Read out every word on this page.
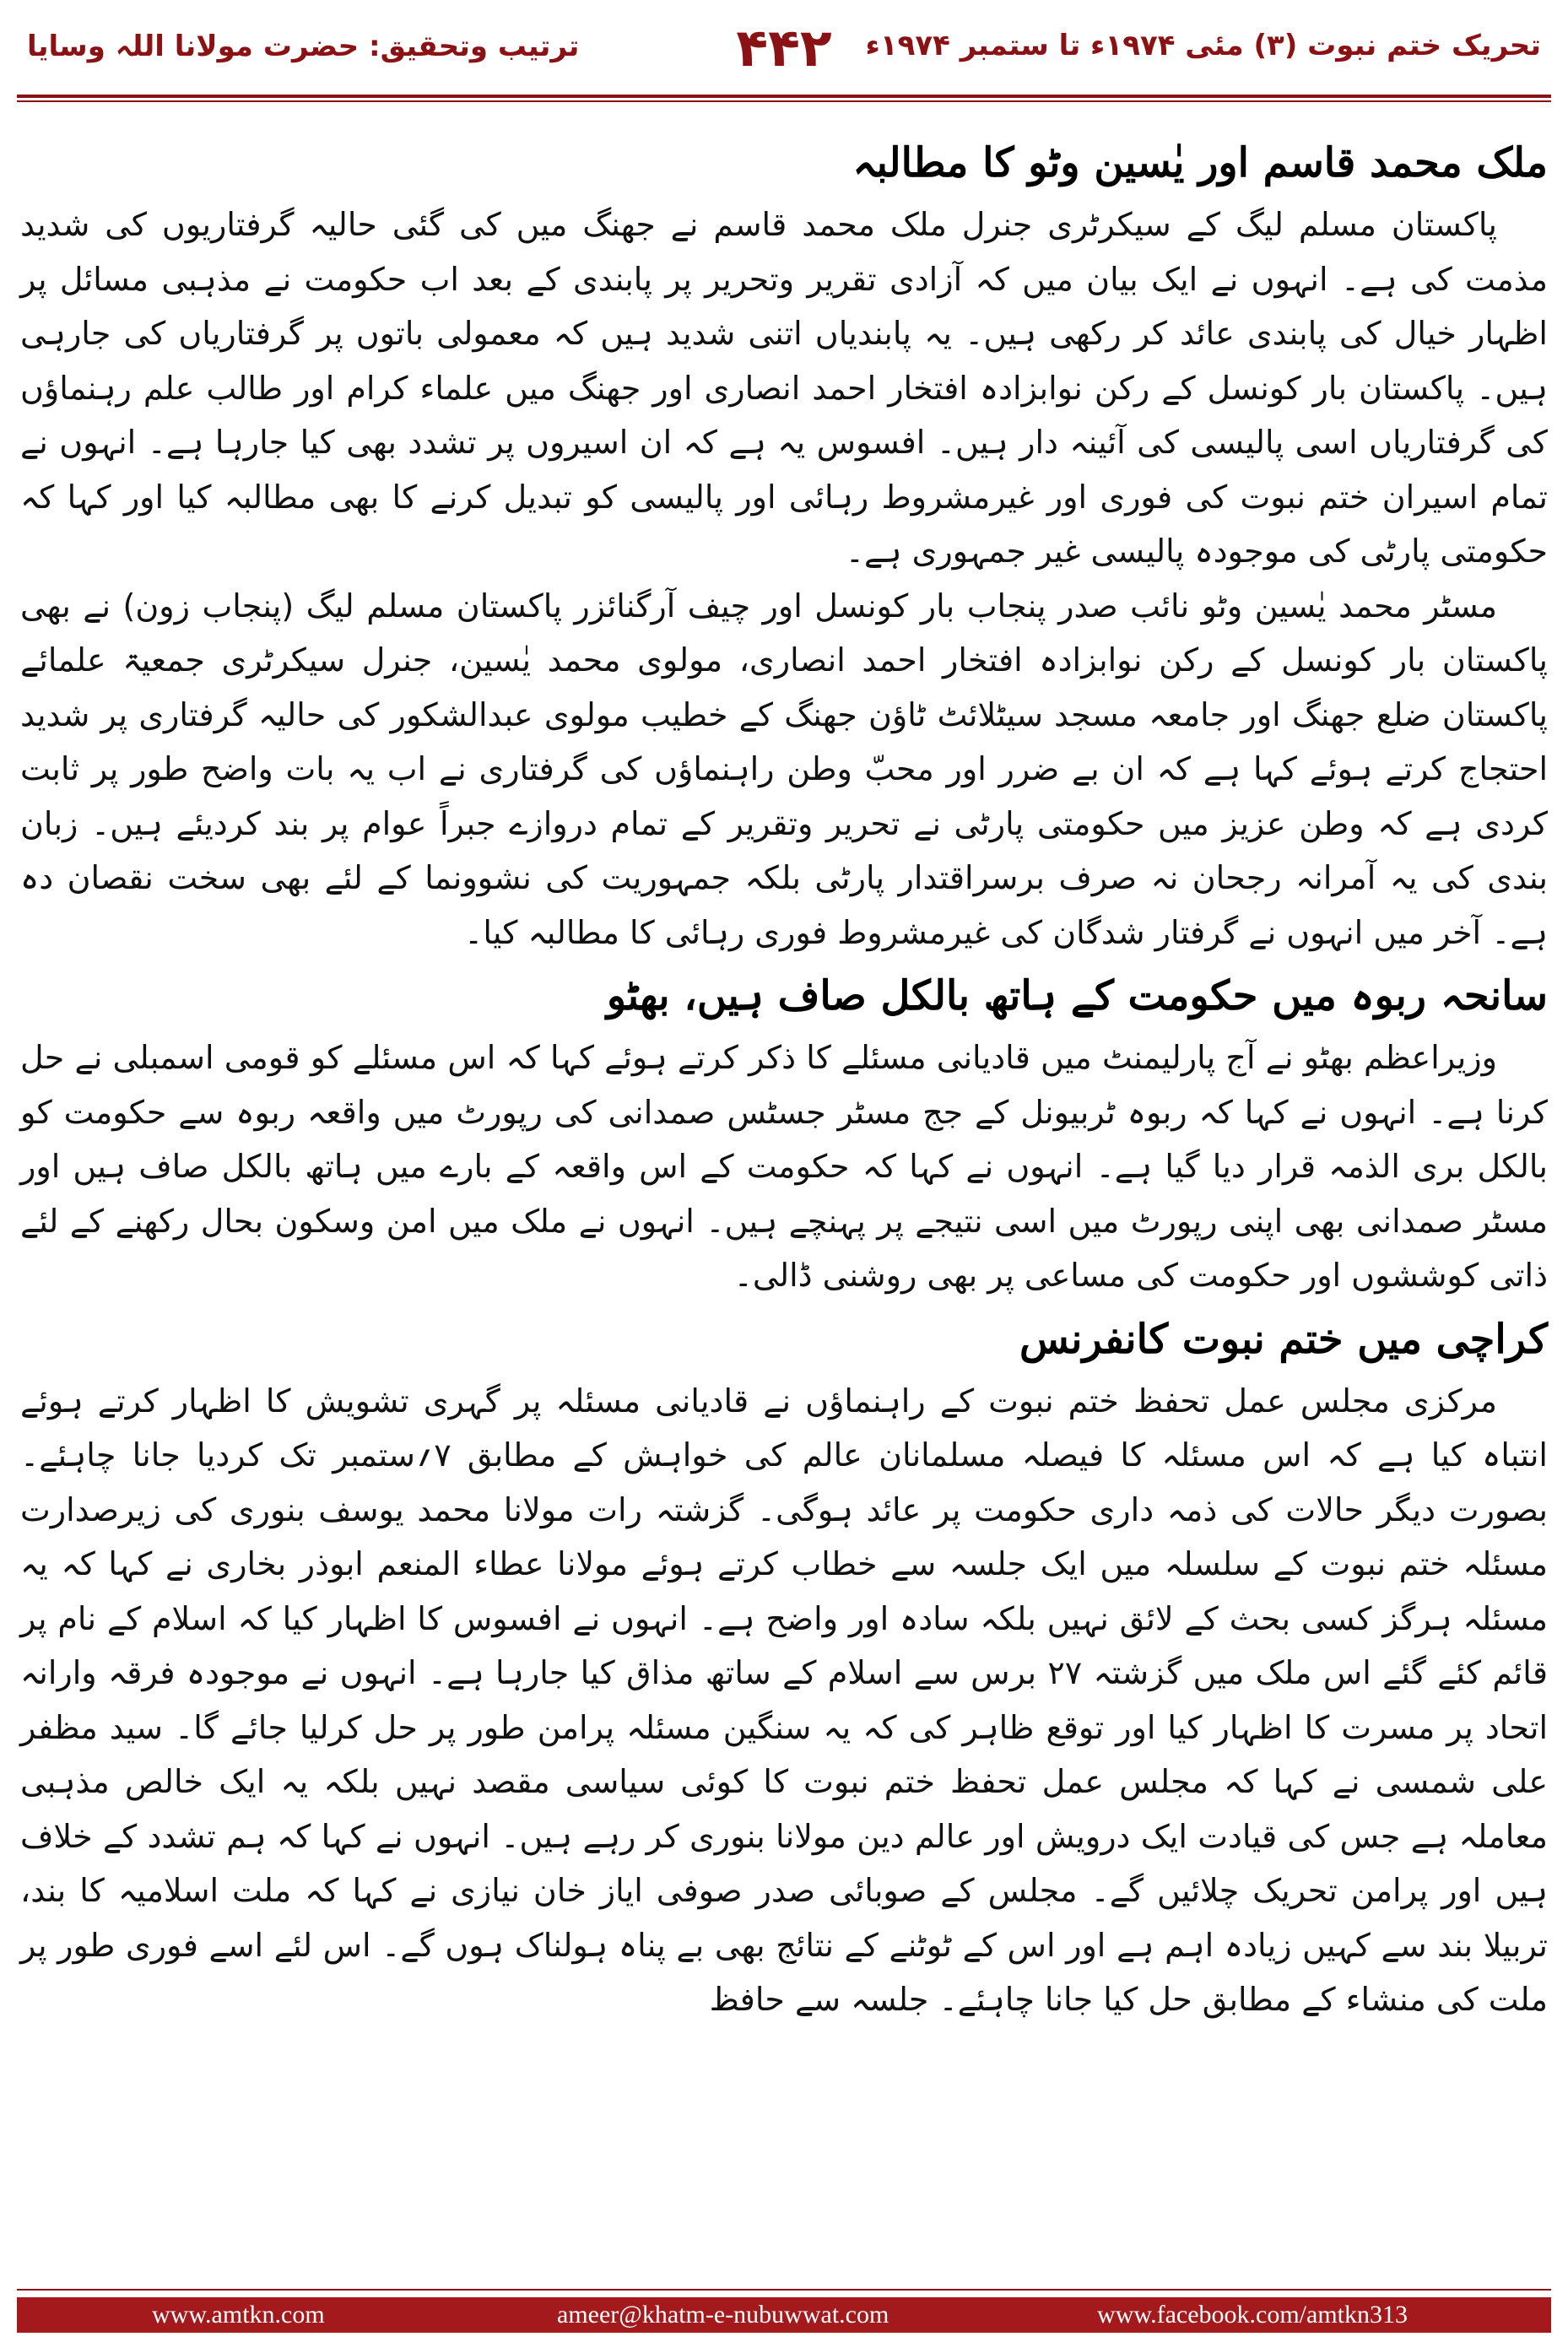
تحریک ختم نبوت (۳) مئی ۱۹۷۴ء تا ستمبر ۱۹۷۴ء
۴۴۲
ترتیب وتحقیق: حضرت مولانا اللہ وسایا
ملک محمد قاسم اور یٰسین وٹو کا مطالبہ

پاکستان مسلم لیگ کے سیکرٹری جنرل ملک محمد قاسم نے جھنگ میں کی گئی حالیہ گرفتاریوں کی شدید مذمت کی ہے۔ انہوں نے ایک بیان میں کہ آزادی تقریر وتحریر پر پابندی کے بعد اب حکومت نے مذہبی مسائل پر اظہار خیال کی پابندی عائد کر رکھی ہیں۔ یہ پابندیاں اتنی شدید ہیں کہ معمولی باتوں پر گرفتاریاں کی جارہی ہیں۔ پاکستان بار کونسل کے رکن نوابزادہ افتخار احمد انصاری اور جھنگ میں علماء کرام اور طالب علم رہنماؤں کی گرفتاریاں اسی پالیسی کی آئینہ دار ہیں۔ افسوس یہ ہے کہ ان اسیروں پر تشدد بھی کیا جارہا ہے۔ انہوں نے تمام اسیران ختم نبوت کی فوری اور غیرمشروط رہائی اور پالیسی کو تبدیل کرنے کا بھی مطالبہ کیا اور کہا کہ حکومتی پارٹی کی موجودہ پالیسی غیر جمہوری ہے۔

مسٹر محمد یٰسین وٹو نائب صدر پنجاب بار کونسل اور چیف آرگنائزر پاکستان مسلم لیگ (پنجاب زون) نے بھی پاکستان بار کونسل کے رکن نوابزادہ افتخار احمد انصاری، مولوی محمد یٰسین، جنرل سیکرٹری جمعیۃ علمائے پاکستان ضلع جھنگ اور جامعہ مسجد سیٹلائٹ ٹاؤن جھنگ کے خطیب مولوی عبدالشکور کی حالیہ گرفتاری پر شدید احتجاج کرتے ہوئے کہا ہے کہ ان بے ضرر اور محبّ وطن راہنماؤں کی گرفتاری نے اب یہ بات واضح طور پر ثابت کردی ہے کہ وطن عزیز میں حکومتی پارٹی نے تحریر وتقریر کے تمام دروازے جبراً عوام پر بند کردیئے ہیں۔ زبان بندی کی یہ آمرانہ رجحان نہ صرف برسراقتدار پارٹی بلکہ جمہوریت کی نشوونما کے لئے بھی سخت نقصان دہ ہے۔ آخر میں انہوں نے گرفتار شدگان کی غیرمشروط فوری رہائی کا مطالبہ کیا۔

سانحہ ربوہ میں حکومت کے ہاتھ بالکل صاف ہیں، بھٹو

وزیراعظم بھٹو نے آج پارلیمنٹ میں قادیانی مسئلے کا ذکر کرتے ہوئے کہا کہ اس مسئلے کو قومی اسمبلی نے حل کرنا ہے۔ انہوں نے کہا کہ ربوہ ٹربیونل کے جج مسٹر جسٹس صمدانی کی رپورٹ میں واقعہ ربوہ سے حکومت کو بالکل بری الذمہ قرار دیا گیا ہے۔ انہوں نے کہا کہ حکومت کے اس واقعہ کے بارے میں ہاتھ بالکل صاف ہیں اور مسٹر صمدانی بھی اپنی رپورٹ میں اسی نتیجے پر پہنچے ہیں۔ انہوں نے ملک میں امن وسکون بحال رکھنے کے لئے ذاتی کوششوں اور حکومت کی مساعی پر بھی روشنی ڈالی۔

کراچی میں ختم نبوت کانفرنس

مرکزی مجلس عمل تحفظ ختم نبوت کے راہنماؤں نے قادیانی مسئلہ پر گہری تشویش کا اظہار کرتے ہوئے انتباہ کیا ہے کہ اس مسئلہ کا فیصلہ مسلمانان عالم کی خواہش کے مطابق ۷؍ستمبر تک کردیا جانا چاہئے۔ بصورت دیگر حالات کی ذمہ داری حکومت پر عائد ہوگی۔ گزشتہ رات مولانا محمد یوسف بنوری کی زیرصدارت مسئلہ ختم نبوت کے سلسلہ میں ایک جلسہ سے خطاب کرتے ہوئے مولانا عطاء المنعم ابوذر بخاری نے کہا کہ یہ مسئلہ ہرگز کسی بحث کے لائق نہیں بلکہ سادہ اور واضح ہے۔ انہوں نے افسوس کا اظہار کیا کہ اسلام کے نام پر قائم کئے گئے اس ملک میں گزشتہ ۲۷ برس سے اسلام کے ساتھ مذاق کیا جارہا ہے۔ انہوں نے موجودہ فرقہ وارانہ اتحاد پر مسرت کا اظہار کیا اور توقع ظاہر کی کہ یہ سنگین مسئلہ پرامن طور پر حل کرلیا جائے گا۔ سید مظفر علی شمسی نے کہا کہ مجلس عمل تحفظ ختم نبوت کا کوئی سیاسی مقصد نہیں بلکہ یہ ایک خالص مذہبی معاملہ ہے جس کی قیادت ایک درویش اور عالم دین مولانا بنوری کر رہے ہیں۔ انہوں نے کہا کہ ہم تشدد کے خلاف ہیں اور پرامن تحریک چلائیں گے۔ مجلس کے صوبائی صدر صوفی ایاز خان نیازی نے کہا کہ ملت اسلامیہ کا بند، تربیلا بند سے کہیں زیادہ اہم ہے اور اس کے ٹوٹنے کے نتائج بھی بے پناہ ہولناک ہوں گے۔ اس لئے اسے فوری طور پر ملت کی منشاء کے مطابق حل کیا جانا چاہئے۔ جلسہ سے حافظ

www.amtkn.com	ameer@khatm-e-nubuwwat.com	www.facebook.com/amtkn313
